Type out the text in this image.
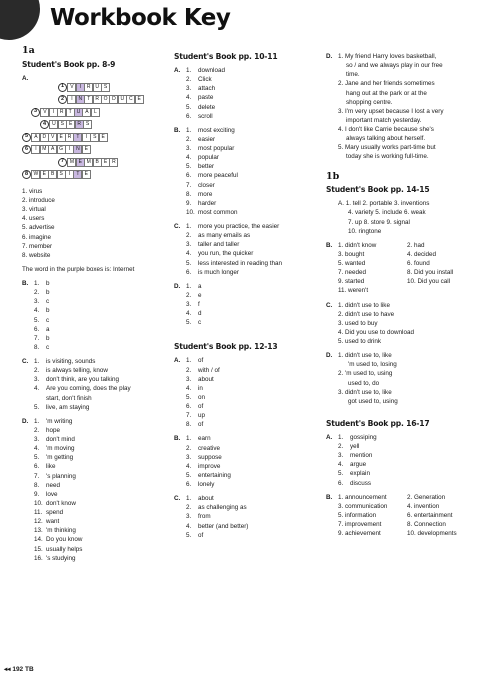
Workbook Key
1a
Student's Book pp. 8-9
A.
1	V	I	R U S
2	I	N	T	R O D U C E
3	V	I	R	T	U A	L
4	U S	E R S
5	A D V	E R	T	I	S	E
6	I	M A G	I	N E
7	M E M B	E R
8	W E	B	S	I	T	E
1. virus
2. introduce
3. virtual
4. users
5. advertise
6. imagine
7. member
8. website
The word in the purple boxes is: Internet
B. 1.	b
2.	b
3.	c
4.	b
5.	c
6.	a
7.	b
8.	c
C. 1.	is visiting, sounds
2.	is always telling, know
3.	don't think, are you talking
4.	Are you coming, does the play
start, don't finish
5.	live, am staying
D. 1.	'm writing
2.	hope
3.	don't mind
4.	'm moving
5.	'm getting
6.	like
7.	's planning
8.	need
9.	love
10. don't know
11. spend
12. want
13. 'm thinking
14. Do you know
15. usually helps
16. 's studying
Student's Book pp. 10-11
A. 1.	download
2.	Click
3.	attach
4.	paste
5.	delete
6.	scroll
B. 1.	most exciting
2.	easier
3.	most popular
4.	popular
5.	better
6.	more peaceful
7.	closer
8.	more
9.	harder
10. most common
C. 1.	more you practice, the easier
2.	as many emails as
3.	taller and taller
4.	you run, the quicker
5.	less interested in reading than
6.	is much longer
D. 1.	a
2.	e
3.	f
4.	d
5.	c
Student's Book pp. 12-13
A. 1.	of
2.	with / of
3.	about
4.	in
5.	on
6.	of
7.	up
8.	of
B. 1.	earn
2.	creative
3.	suppose
4.	improve
5.	entertaining
6.	lonely
C. 1.	about
2.	as challenging as
3.	from
4.	better (and better)
5.	of
D. 1. My friend Harry loves basketball,
so / and we always play in our free
time.
2. Jane and her friends sometimes
hang out at the park or at the
shopping centre.
3. I'm very upset because I lost a very
important match yesterday.
4. I don't like Carrie because she's
always talking about herself.
5. Mary usually works part-time but
today she is working full-time.
1b
Student's Book pp. 14-15
A. 1. tell 2. portable 3. inventions
4. variety 5. include 6. weak
7. up 8. store 9. signal
10. ringtone
B. 1. didn't know	2. had
3. bought	4. decided
5. wanted	6. found
7. needed	8. Did you install
9. started	10. Did you call
11. weren't
C. 1. didn't use to like
2. didn't use to have
3. used to buy
4. Did you use to download
5. used to drink
D. 1. didn't use to, like
'm used to, losing
2. 'm used to, using
used to, do
3. didn't use to, like
got used to, using
Student's Book pp. 16-17
A. 1.	gossiping
2.	yell
3.	mention
4.	argue
5.	explain
6.	discuss
B. 1. announcement	2. Generation
3. communication	4. invention
5. information	6. entertainment
7. improvement	8. Connection
9. achievement	10. developments
◂◂ 192 TB
